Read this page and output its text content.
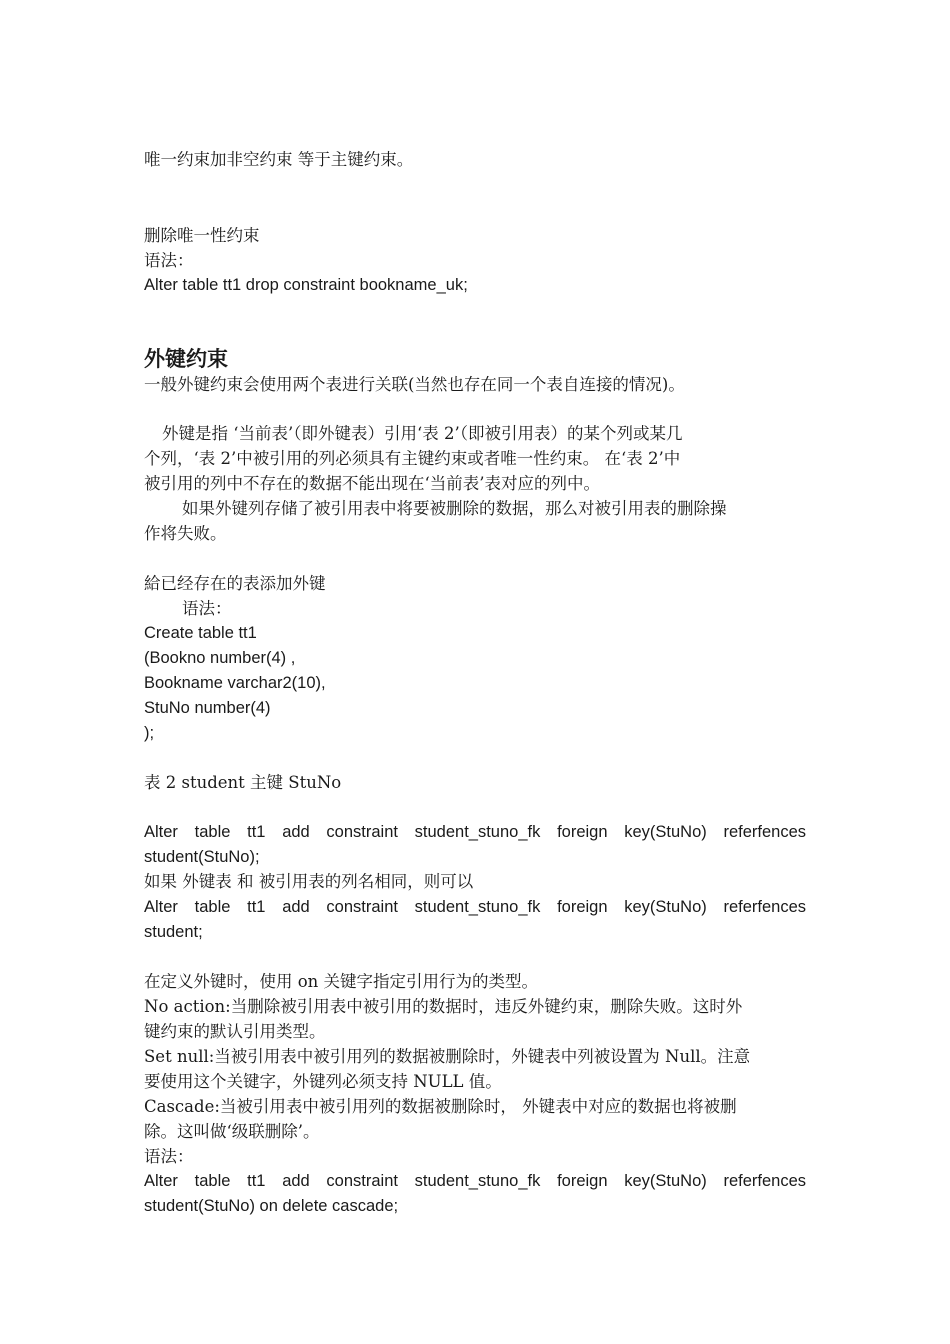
唯一约束加非空约束 等于主键约束。
删除唯一性约束
语法：
Alter table tt1 drop constraint bookname_uk;
外键约束
一般外键约束会使用两个表进行关联(当然也存在同一个表自连接的情况)。
外键是指 ‘当前表’（即外键表）引用‘表 2’（即被引用表）的某个列或某几
个列，‘表 2’中被引用的列必须具有主键约束或者唯一性约束。 在‘表 2’中
被引用的列中不存在的数据不能出现在‘当前表’表对应的列中。
如果外键列存储了被引用表中将要被删除的数据，那么对被引用表的删除操
作将失败。
給已经存在的表添加外键
语法：
Create table tt1
(Bookno number(4) ,
Bookname varchar2(10),
StuNo number(4)
);
表 2 student 主键 StuNo
Alter table tt1 add constraint student_stuno_fk foreign key(StuNo) referfences
student(StuNo);
如果 外键表 和 被引用表的列名相同，则可以
Alter table tt1 add constraint student_stuno_fk foreign key(StuNo) referfences
student;
在定义外键时，使用 on 关键字指定引用行为的类型。
No action:当删除被引用表中被引用的数据时，违反外键约束，删除失败。这时外
键约束的默认引用类型。
Set null:当被引用表中被引用列的数据被删除时，外键表中列被设置为 Null。注意
要使用这个关键字，外键列必须支持 NULL 值。
Cascade:当被引用表中被引用列的数据被删除时， 外键表中对应的数据也将被删
除。这叫做‘级联删除’。
语法：
Alter table tt1 add constraint student_stuno_fk foreign key(StuNo) referfences
student(StuNo) on delete cascade;
